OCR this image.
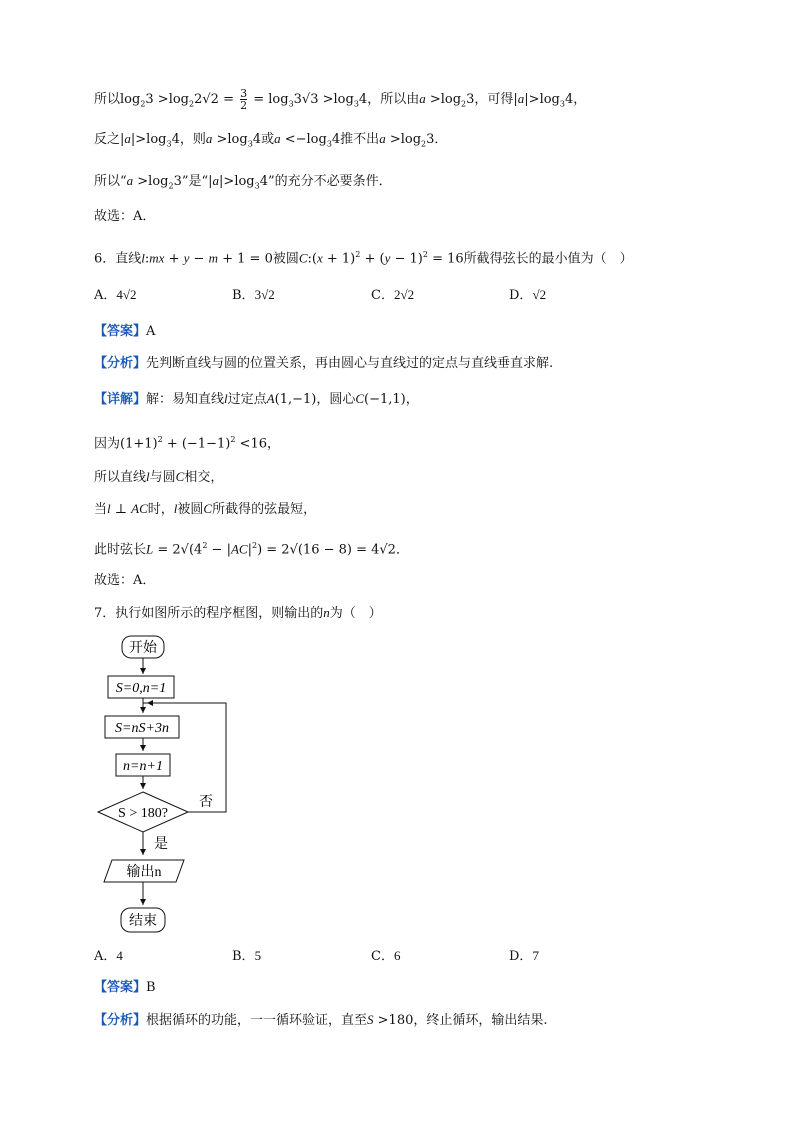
所以$\log_23 >\log_22√2 = 3$

$2 = \log_33√3 >\log_34$，所以由$a >\log_23$，可得$|a|>\log_34$，
反之$|a|>\log_34$，则$a >\log_34$或$a <-\log_34$推不出$a >\log_23$．
所以“$a >\log_23$”是“$|a|>\log_34$”的充分不必要条件．
故选：A．
6．直线l:mx + y − m + 1 = 0被圆C:(x + $1)^2 + (y - 1)^2 = 16$所截得弦长的最小值为（　）
A．4√2	B．3√2	C．2√2	D．√2
【答案】A
【分析】先判断直线与圆的位置关系，再由圆心与直线过的定点与直线垂直求解.
【详解】解：易知直线l过定点A(1,−1)，圆心C(−1,1)，
因为$(1+1)^2 + (-1-1)^2 <16$，
所以直线l与圆C相交，
当l ⊥ AC时，l被圆C所截得的弦最短，
此时弦长$L = 2√(4^2 - |AC|^2) = 2√(16 - 8) = 4√2$．
故选：A．
7．执行如图所示的程序框图，则输出的n为（　）
开始
S=0,n=1
S=nS+3n
n=n+1
S > 180?
否
是
输出n
结束
A．4	B．5	C．6	D．7
【答案】B
【分析】根据循环的功能，一一循环验证，直至S >180，终止循环，输出结果.
